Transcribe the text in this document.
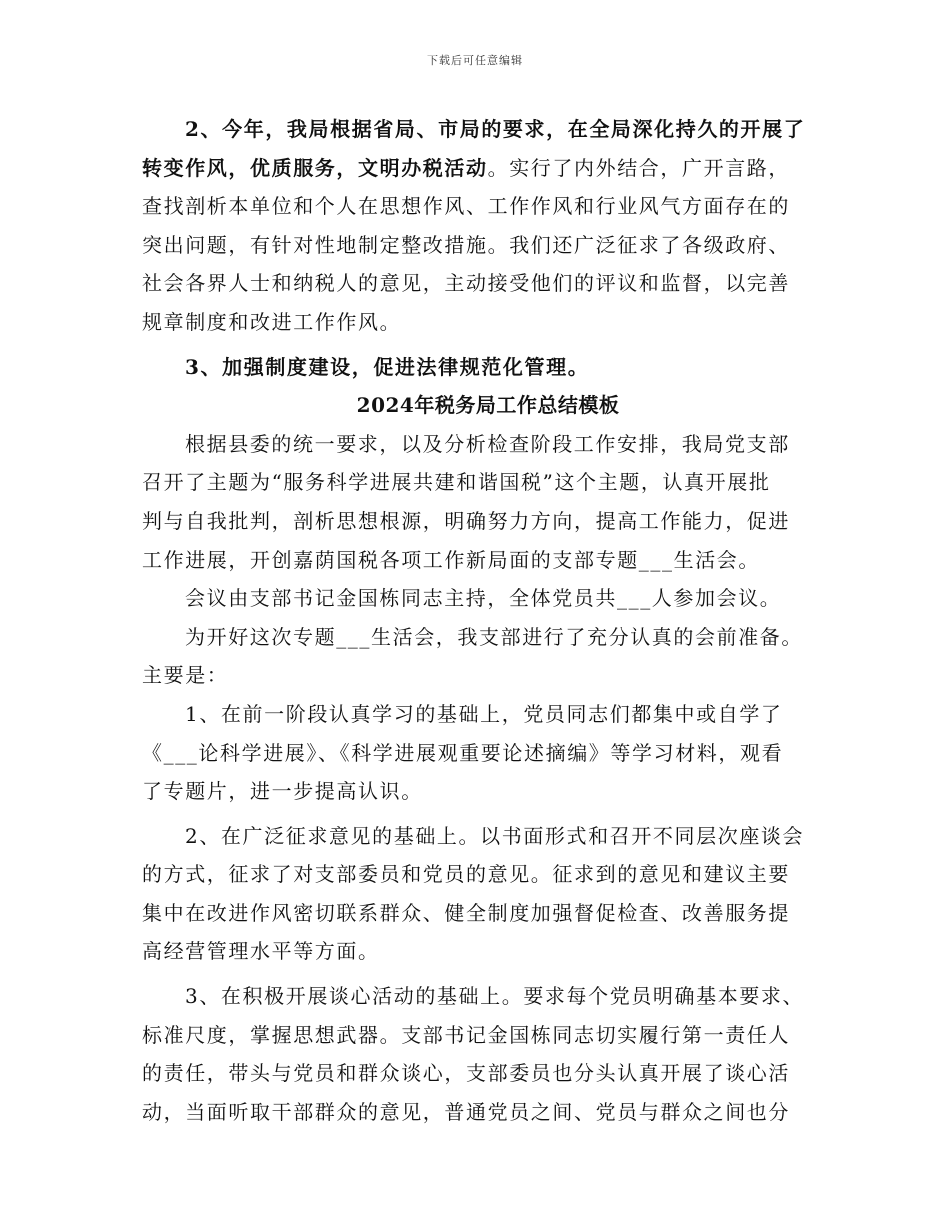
下载后可任意编辑
2、今年，我局根据省局、市局的要求，在全局深化持久的开展了
转变作风，优质服务，文明办税活动。实行了内外结合，广开言路，
查找剖析本单位和个人在思想作风、工作作风和行业风气方面存在的
突出问题，有针对性地制定整改措施。我们还广泛征求了各级政府、
社会各界人士和纳税人的意见，主动接受他们的评议和监督，以完善
规章制度和改进工作作风。
3、加强制度建设，促进法律规范化管理。
2024年税务局工作总结模板
根据县委的统一要求，以及分析检查阶段工作安排，我局党支部
召开了主题为“服务科学进展共建和谐国税”这个主题，认真开展批
判与自我批判，剖析思想根源，明确努力方向，提高工作能力，促进
工作进展，开创嘉荫国税各项工作新局面的支部专题___生活会。
会议由支部书记金国栋同志主持，全体党员共___人参加会议。
为开好这次专题___生活会，我支部进行了充分认真的会前准备。
主要是：
1、在前一阶段认真学习的基础上，党员同志们都集中或自学了
《___论科学进展》、《科学进展观重要论述摘编》等学习材料，观看
了专题片，进一步提高认识。
2、在广泛征求意见的基础上。以书面形式和召开不同层次座谈会
的方式，征求了对支部委员和党员的意见。征求到的意见和建议主要
集中在改进作风密切联系群众、健全制度加强督促检查、改善服务提
高经营管理水平等方面。
3、在积极开展谈心活动的基础上。要求每个党员明确基本要求、
标准尺度，掌握思想武器。支部书记金国栋同志切实履行第一责任人
的责任，带头与党员和群众谈心，支部委员也分头认真开展了谈心活
动，当面听取干部群众的意见，普通党员之间、党员与群众之间也分
